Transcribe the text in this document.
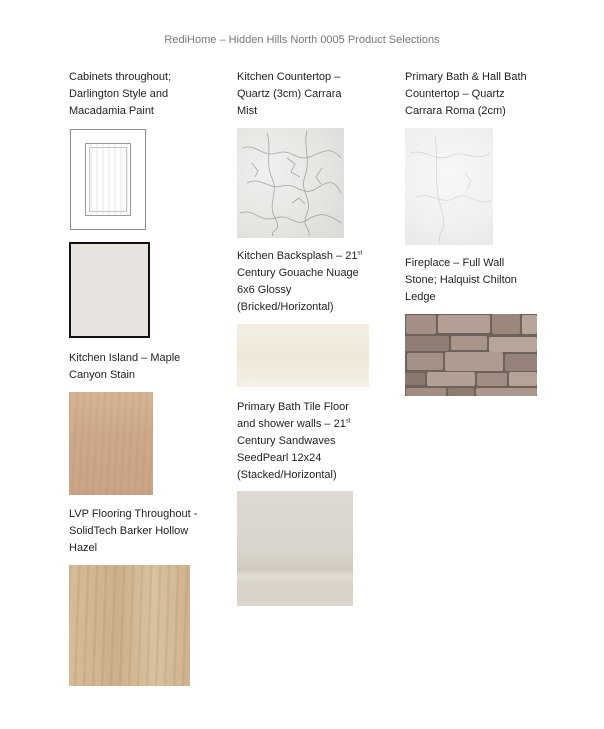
RediHome – Hidden Hills North 0005 Product Selections
Cabinets throughout;
Darlington Style and
Macadamia Paint
Kitchen Island – Maple
Canyon Stain
LVP Flooring Throughout -
SolidTech Barker Hollow
Hazel
Kitchen Countertop –
Quartz (3cm) Carrara
Mist
Kitchen Backsplash – 21st
Century Gouache Nuage
6x6 Glossy
(Bricked/Horizontal)
Primary Bath Tile Floor
and shower walls – 21st
Century Sandwaves
SeedPearl 12x24
(Stacked/Horizontal)
Primary Bath & Hall Bath
Countertop – Quartz
Carrara Roma (2cm)
Fireplace – Full Wall
Stone; Halquist Chilton
Ledge
